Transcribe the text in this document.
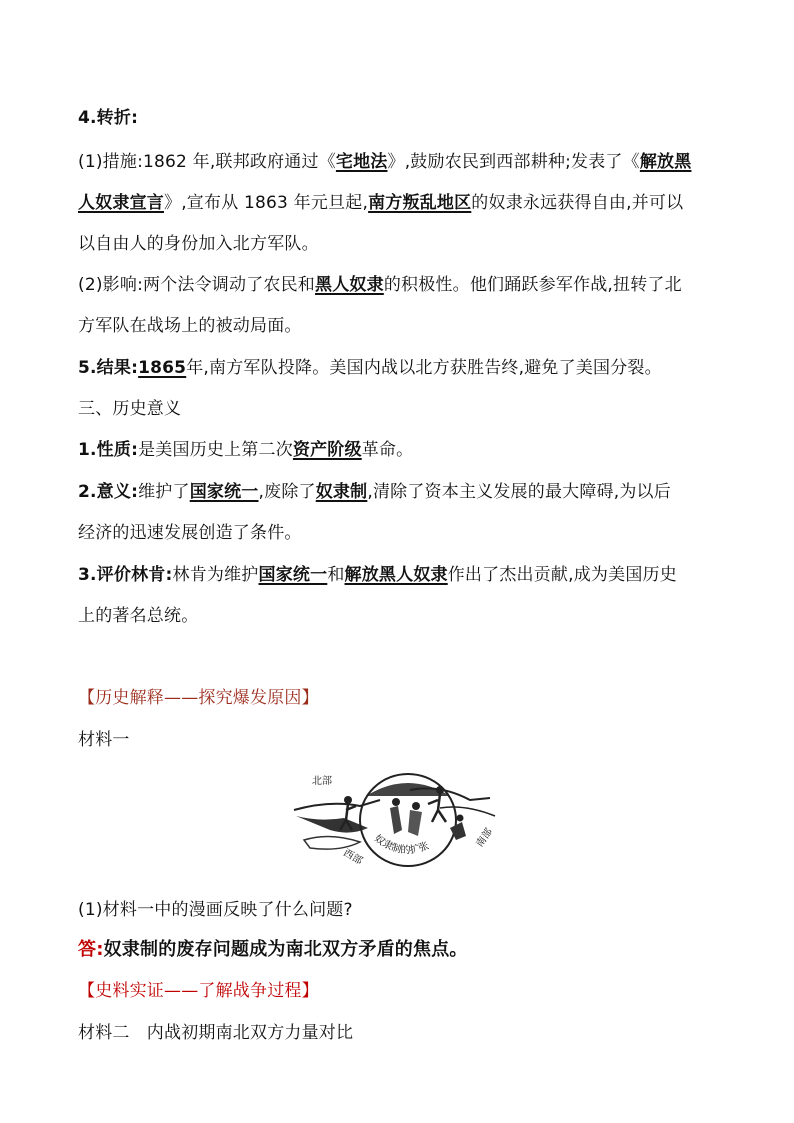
4.转折:
(1)措施:1862 年,联邦政府通过《宅地法》,鼓励农民到西部耕种;发表了《解放黑
人奴隶宣言》,宣布从 1863 年元旦起,南方叛乱地区的奴隶永远获得自由,并可以
以自由人的身份加入北方军队。
(2)影响:两个法令调动了农民和黑人奴隶的积极性。他们踊跃参军作战,扭转了北
方军队在战场上的被动局面。
5.结果:1865年,南方军队投降。美国内战以北方获胜告终,避免了美国分裂。
三、历史意义
1.性质:是美国历史上第二次资产阶级革命。
2.意义:维护了国家统一,废除了奴隶制,清除了资本主义发展的最大障碍,为以后
经济的迅速发展创造了条件。
3.评价林肯:林肯为维护国家统一和解放黑人奴隶作出了杰出贡献,成为美国历史
上的著名总统。
【历史解释——探究爆发原因】
材料一
奴隶制的扩张
北部
南部
西部
(1)材料一中的漫画反映了什么问题?
答:奴隶制的废存问题成为南北双方矛盾的焦点。
【史料实证——了解战争过程】
材料二　内战初期南北双方力量对比
